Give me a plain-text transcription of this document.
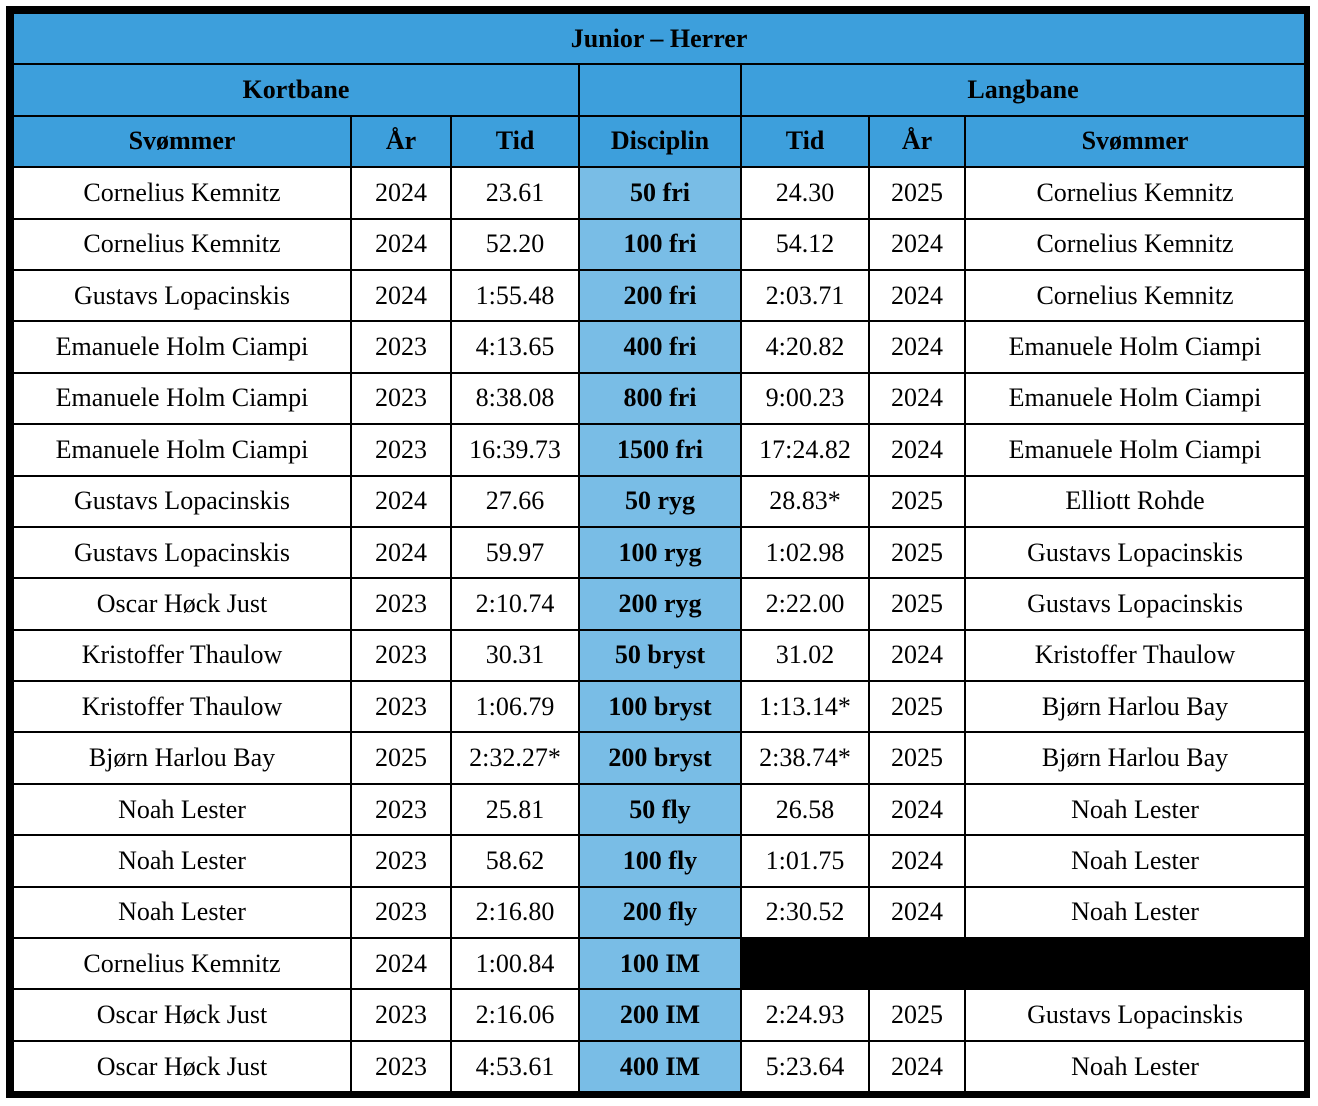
Junior – Herrer						
Kortbane				Langbane		
Svømmer	År	Tid	Disciplin	Tid	År	Svømmer
Cornelius Kemnitz	2024	23.61	50 fri	24.30	2025	Cornelius Kemnitz
Cornelius Kemnitz	2024	52.20	100 fri	54.12	2024	Cornelius Kemnitz
Gustavs Lopacinskis	2024	1:55.48	200 fri	2:03.71	2024	Cornelius Kemnitz
Emanuele Holm Ciampi	2023	4:13.65	400 fri	4:20.82	2024	Emanuele Holm Ciampi
Emanuele Holm Ciampi	2023	8:38.08	800 fri	9:00.23	2024	Emanuele Holm Ciampi
Emanuele Holm Ciampi	2023	16:39.73	1500 fri	17:24.82	2024	Emanuele Holm Ciampi
Gustavs Lopacinskis	2024	27.66	50 ryg	28.83*	2025	Elliott Rohde
Gustavs Lopacinskis	2024	59.97	100 ryg	1:02.98	2025	Gustavs Lopacinskis
Oscar Høck Just	2023	2:10.74	200 ryg	2:22.00	2025	Gustavs Lopacinskis
Kristoffer Thaulow	2023	30.31	50 bryst	31.02	2024	Kristoffer Thaulow
Kristoffer Thaulow	2023	1:06.79	100 bryst	1:13.14*	2025	Bjørn Harlou Bay
Bjørn Harlou Bay	2025	2:32.27*	200 bryst	2:38.74*	2025	Bjørn Harlou Bay
Noah Lester	2023	25.81	50 fly	26.58	2024	Noah Lester
Noah Lester	2023	58.62	100 fly	1:01.75	2024	Noah Lester
Noah Lester	2023	2:16.80	200 fly	2:30.52	2024	Noah Lester
Cornelius Kemnitz	2024	1:00.84	100 IM			
Oscar Høck Just	2023	2:16.06	200 IM	2:24.93	2025	Gustavs Lopacinskis
Oscar Høck Just	2023	4:53.61	400 IM	5:23.64	2024	Noah Lester
